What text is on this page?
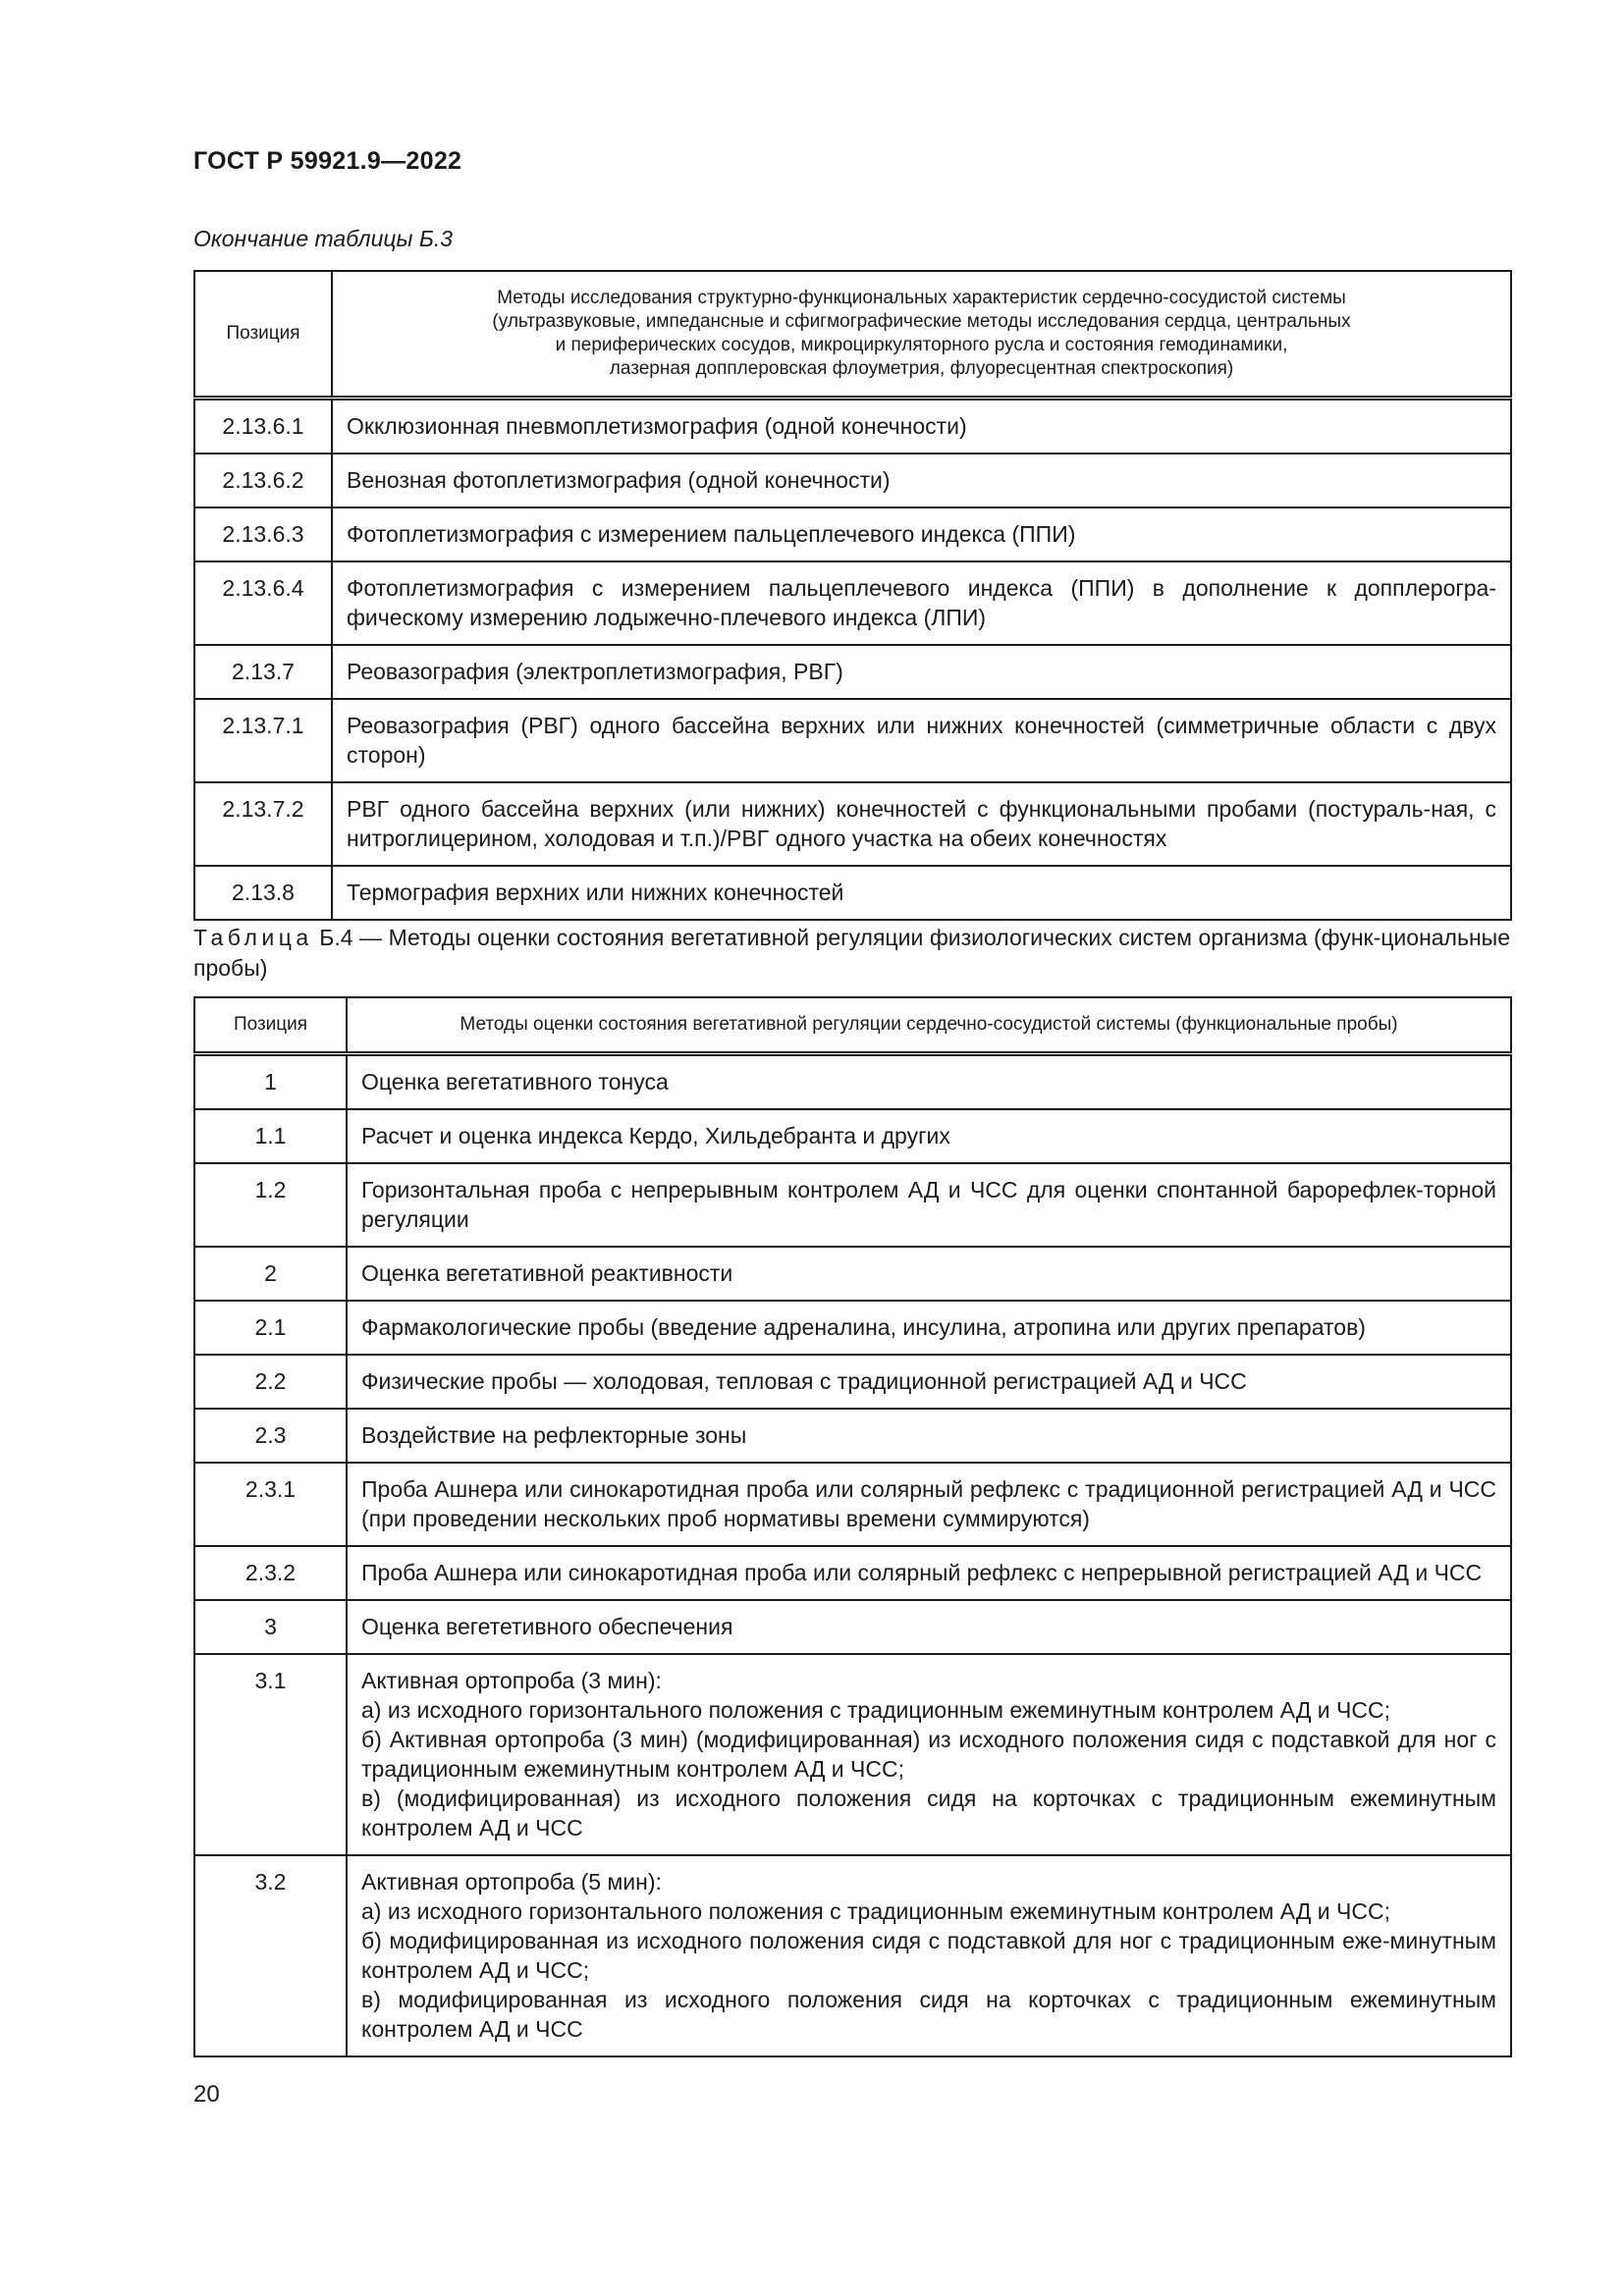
ГОСТ Р 59921.9—2022
Окончание таблицы Б.3
Позиция	Методы исследования структурно-функциональных характеристик сердечно-сосудистой системы
(ультразвуковые, импедансные и сфигмографические методы исследования сердца, центральных
и периферических сосудов, микроциркуляторного русла и состояния гемодинамики,
лазерная допплеровская флоуметрия, флуоресцентная спектроскопия)

2.13.6.1	Окклюзионная пневмоплетизмография (одной конечности)
2.13.6.2	Венозная фотоплетизмография (одной конечности)
2.13.6.3	Фотоплетизмография с измерением пальцеплечевого индекса (ППИ)
2.13.6.4	Фотоплетизмография с измерением пальцеплечевого индекса (ППИ) в дополнение к допплерогра-фическому измерению лодыжечно-плечевого индекса (ЛПИ)
2.13.7	Реовазография (электроплетизмография, РВГ)
2.13.7.1	Реовазография (РВГ) одного бассейна верхних или нижних конечностей (симметричные области с двух сторон)
2.13.7.2	РВГ одного бассейна верхних (или нижних) конечностей с функциональными пробами (постураль-ная, с нитроглицерином, холодовая и т.п.)/РВГ одного участка на обеих конечностях
2.13.8	Термография верхних или нижних конечностей
Таблица Б.4 — Методы оценки состояния вегетативной регуляции физиологических систем организма (функ-циональные пробы)
Позиция	Методы оценки состояния вегетативной регуляции сердечно-сосудистой системы (функциональные пробы)
1	Оценка вегетативного тонуса

1.1	Расчет и оценка индекса Кердо, Хильдебранта и других

1.2	Горизонтальная проба с непрерывным контролем АД и ЧСС для оценки спонтанной барорефлек-торной регуляции

2	Оценка вегетативной реактивности

2.1	Фармакологические пробы (введение адреналина, инсулина, атропина или других препаратов)

2.2	Физические пробы — холодовая, тепловая с традиционной регистрацией АД и ЧСС

2.3	Воздействие на рефлекторные зоны

2.3.1	Проба Ашнера или синокаротидная проба или солярный рефлекс с традиционной регистрацией АД и ЧСС (при проведении нескольких проб нормативы времени суммируются)

2.3.2	Проба Ашнера или синокаротидная проба или солярный рефлекс с непрерывной регистрацией АД и ЧСС

3	Оценка вегететивного обеспечения

3.1	Активная ортопроба (3 мин):
а) из исходного горизонтального положения с традиционным ежеминутным контролем АД и ЧСС;
б) Активная ортопроба (3 мин) (модифицированная) из исходного положения сидя с подставкой для ног с традиционным ежеминутным контролем АД и ЧСС;
в) (модифицированная) из исходного положения сидя на корточках с традиционным ежеминутным контролем АД и ЧСС

3.2	Активная ортопроба (5 мин):
а) из исходного горизонтального положения с традиционным ежеминутным контролем АД и ЧСС;
б) модифицированная из исходного положения сидя с подставкой для ног с традиционным еже-минутным контролем АД и ЧСС;
в) модифицированная из исходного положения сидя на корточках с традиционным ежеминутным контролем АД и ЧСС
20
